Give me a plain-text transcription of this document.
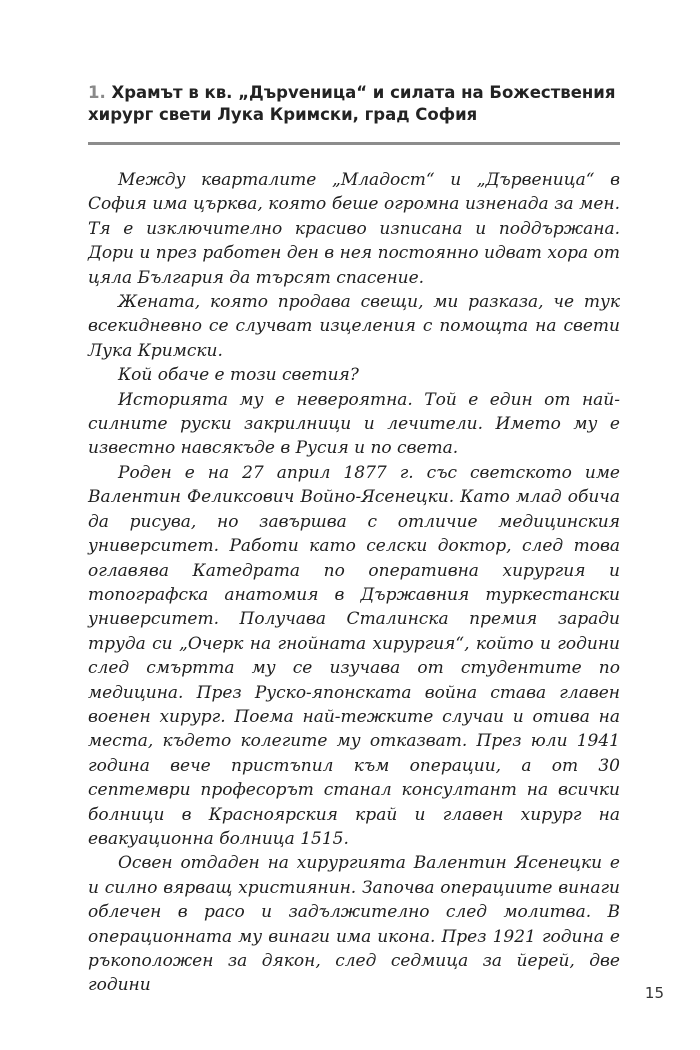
1. Храмът в кв. „Дърveница“ и силата на Божествения хирург свети Лука Кримски, град София

Между кварталите „Младост“ и „Дървеница“ в София има църква, която беше огромна изненада за мен. Тя е изключително красиво изписана и поддържана. Дори и през работен ден в нея постоянно идват хора от цяла България да търсят спасение.

Жената, която продава свещи, ми разказа, че тук всекидневно се случват изцеления с помощта на свети Лука Кримски.

Кой обаче е този светия?

Историята му е невероятна. Той е един от най-силните руски закрилници и лечители. Името му е известно навсякъде в Русия и по света.

Роден е на 27 април 1877 г. със светското име Валентин Феликсович Войно-Ясенецки. Като млад обича да рисува, но завършва с отличие медицинския университет. Работи като селски доктор, след това оглавява Катедрата по оперативна хирургия и топографска анатомия в Държавния туркестански университет. Получава Сталинска премия заради труда си „Очерк на гнойната хирургия“, който и години след смъртта му се изучава от студентите по медицина. През Руско-японската война става главен военен хирург. Поема най-тежките случаи и отива на места, където колегите му отказват. През юли 1941 година вече пристъпил към операции, а от 30 септември професорът станал консултант на всички болници в Красноярския край и главен хирург на евакуационна болница 1515.

Освен отдаден на хирургията Валентин Ясенецки е и силно вярващ християнин. Започва операциите винаги облечен в расо и задължително след молитва. В операционната му винаги има икона. През 1921 година е ръкоположен за дякон, след седмица за йерей, две години	15
